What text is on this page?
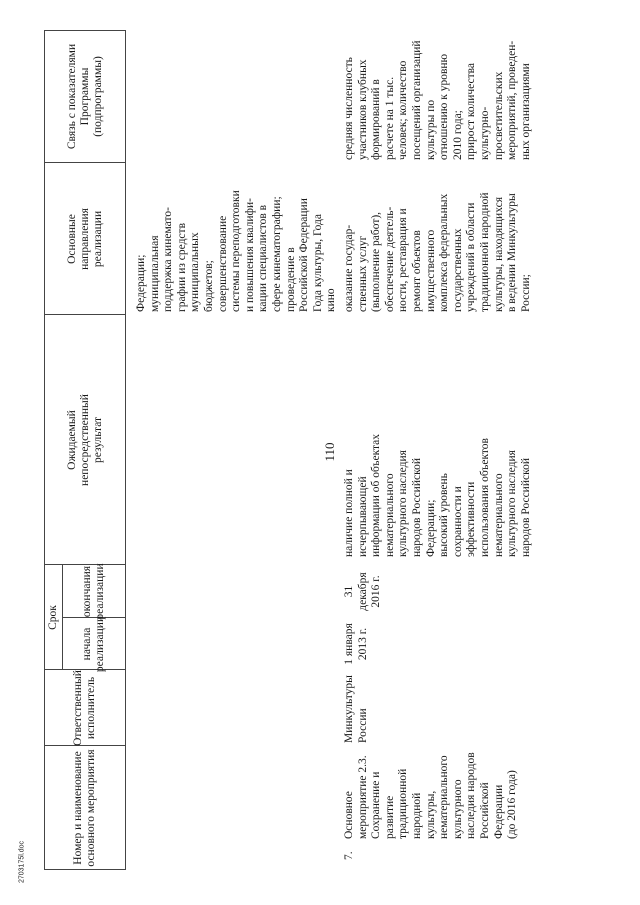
110
2703175l.doc	Номер и наименование основного мероприятия
Ответственный исполнитель
Срок
начала реализации
окончания реализации
Ожидаемый непосредственный результат
Основные направления реализации
Связь с показателями Программы (подпрограммы)
Федерации; муниципальная поддержка кинемато- графии из средств муниципальных бюджетов; совершенствование системы переподготовки и повышения квалифи- кации специалистов в сфере кинематографии; проведение в Российской Федерации Года культуры, Года кино
7.
Основное мероприятие 2.3. Сохранение и развитие традиционной народной культуры, нематериального культурного наследия народов Российской Федерации (до 2016 года)
Минкультуры России
1 января 2013 г.
31 декабря 2016 г.
наличие полной и исчерпывающей информации об объектах нематериального культурного наследия народов Российской Федерации; высокий уровень сохранности и эффективности использования объектов нематериального культурного наследия народов Российской
оказание государ- ственных услуг (выполнение работ), обеспечение деятель- ности, реставрация и ремонт объектов имущественного комплекса федеральных государственных учреждений в области традиционной народной культуры, находящихся в ведении Минкультуры России;
средняя численность участников клубных формирований в расчете на 1 тыс. человек; количество посещений организаций культуры по отношению к уровню 2010 года; прирост количества культурно- просветительских мероприятий, проведен- ных организациями
